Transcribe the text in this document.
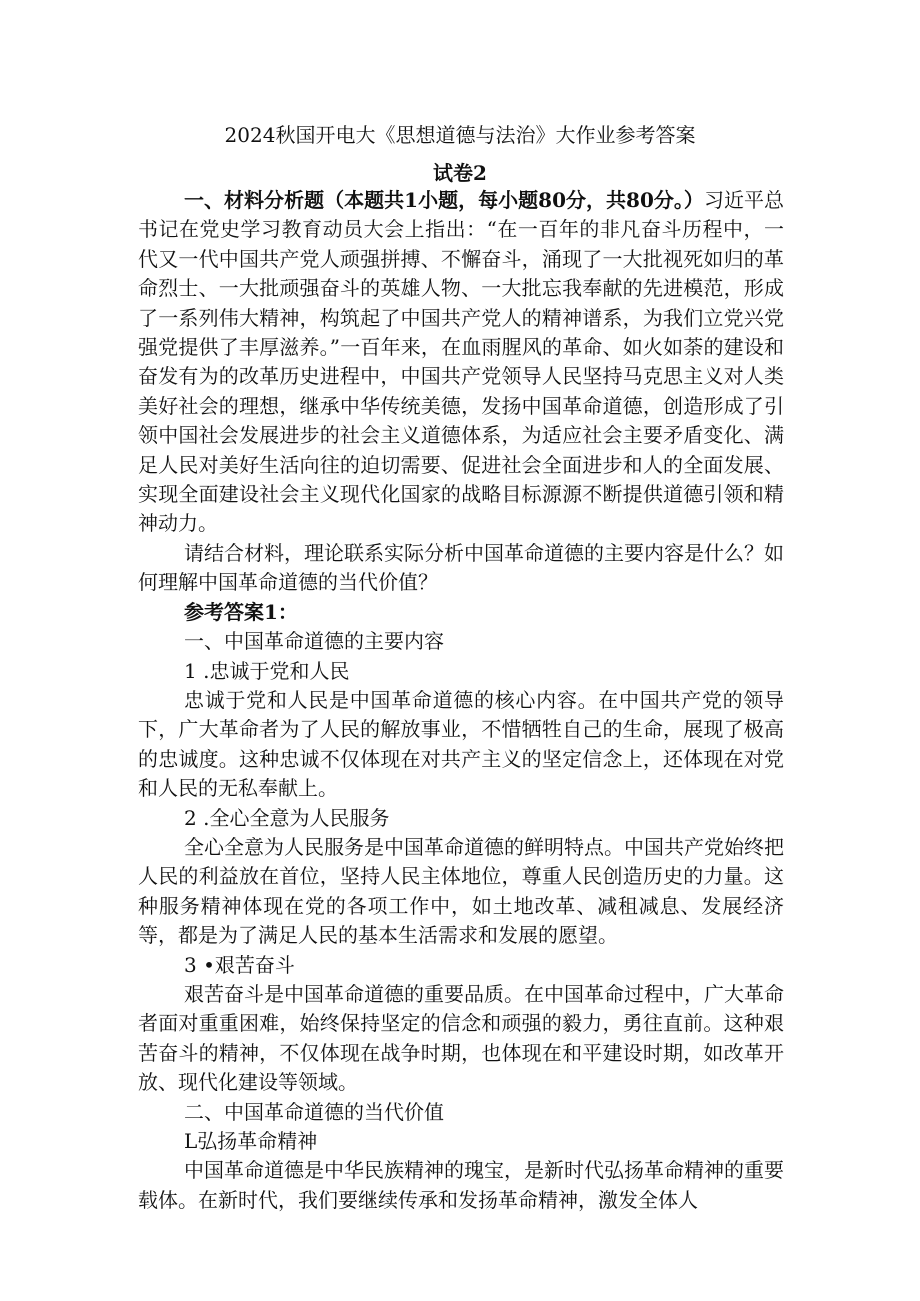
2024秋国开电大《思想道德与法治》大作业参考答案
试卷2

一、材料分析题（本题共1小题，每小题80分，共80分。）习近平总书记在党史学习教育动员大会上指出：“在一百年的非凡奋斗历程中，一代又一代中国共产党人顽强拼搏、不懈奋斗，涌现了一大批视死如归的革命烈士、一大批顽强奋斗的英雄人物、一大批忘我奉献的先进模范，形成了一系列伟大精神，构筑起了中国共产党人的精神谱系，为我们立党兴党强党提供了丰厚滋养。”一百年来，在血雨腥风的革命、如火如荼的建设和奋发有为的改革历史进程中，中国共产党领导人民坚持马克思主义对人类美好社会的理想，继承中华传统美德，发扬中国革命道德，创造形成了引领中国社会发展进步的社会主义道德体系，为适应社会主要矛盾变化、满足人民对美好生活向往的迫切需要、促进社会全面进步和人的全面发展、实现全面建设社会主义现代化国家的战略目标源源不断提供道德引领和精神动力。

请结合材料，理论联系实际分析中国革命道德的主要内容是什么？如何理解中国革命道德的当代价值？

参考答案1：

一、中国革命道德的主要内容

1 .忠诚于党和人民

忠诚于党和人民是中国革命道德的核心内容。在中国共产党的领导下，广大革命者为了人民的解放事业，不惜牺牲自己的生命，展现了极高的忠诚度。这种忠诚不仅体现在对共产主义的坚定信念上，还体现在对党和人民的无私奉献上。

2 .全心全意为人民服务

全心全意为人民服务是中国革命道德的鲜明特点。中国共产党始终把人民的利益放在首位，坚持人民主体地位，尊重人民创造历史的力量。这种服务精神体现在党的各项工作中，如土地改革、减租减息、发展经济等，都是为了满足人民的基本生活需求和发展的愿望。

3 •艰苦奋斗

艰苦奋斗是中国革命道德的重要品质。在中国革命过程中，广大革命者面对重重困难，始终保持坚定的信念和顽强的毅力，勇往直前。这种艰苦奋斗的精神，不仅体现在战争时期，也体现在和平建设时期，如改革开放、现代化建设等领域。

二、中国革命道德的当代价值

L弘扬革命精神

中国革命道德是中华民族精神的瑰宝，是新时代弘扬革命精神的重要载体。在新时代，我们要继续传承和发扬革命精神，激发全体人
